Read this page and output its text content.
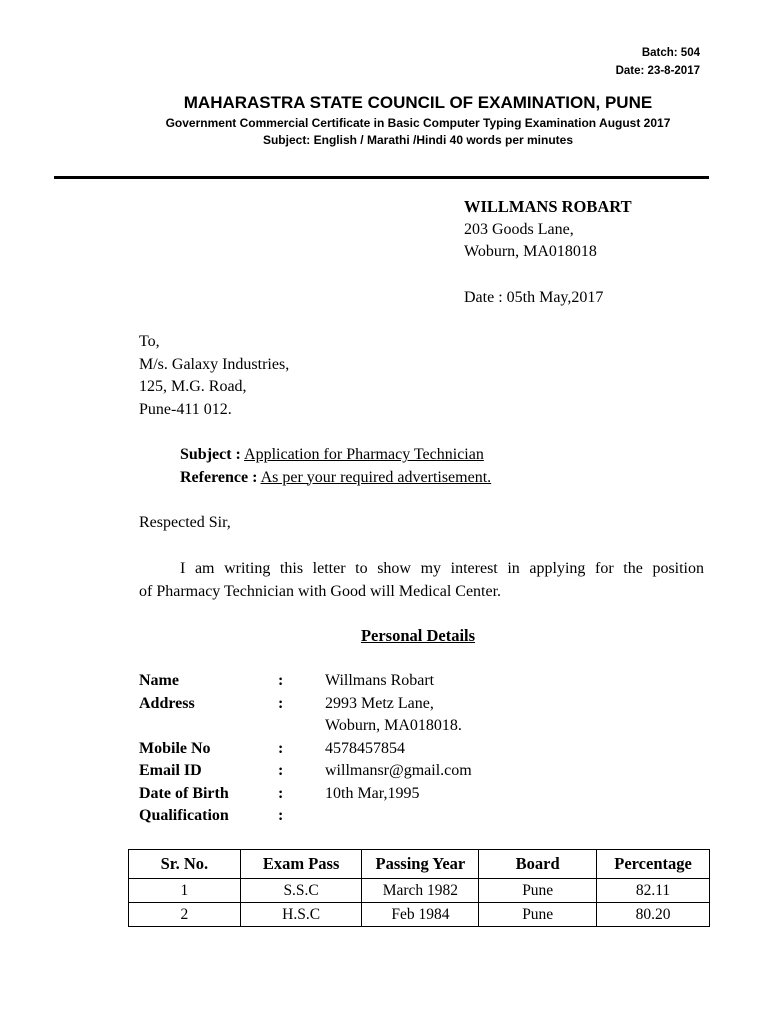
Batch: 504
Date: 23-8-2017
MAHARASTRA STATE COUNCIL OF EXAMINATION, PUNE
Government Commercial Certificate in Basic Computer Typing Examination August 2017
Subject: English / Marathi /Hindi 40 words per minutes
WILLMANS ROBART
203 Goods Lane,
Woburn, MA018018
Date : 05th May,2017
To,
M/s. Galaxy Industries,
125, M.G. Road,
Pune-411 012.
Subject : Application for Pharmacy Technician
Reference : As per your required advertisement.
Respected Sir,
I am writing this letter to show my interest in applying for the position
of Pharmacy Technician with Good will Medical Center.
Personal Details
Name	:	Willmans Robart
Address	:	2993 Metz Lane,
Woburn, MA018018.
Mobile No	:	4578457854
Email ID	:	willmansr@gmail.com
Date of Birth	:	10th Mar,1995
Qualification	:
Sr. No.	Exam Pass	Passing Year	Board	Percentage
1	S.S.C	March 1982	Pune	82.11
2	H.S.C	Feb 1984	Pune	80.20
